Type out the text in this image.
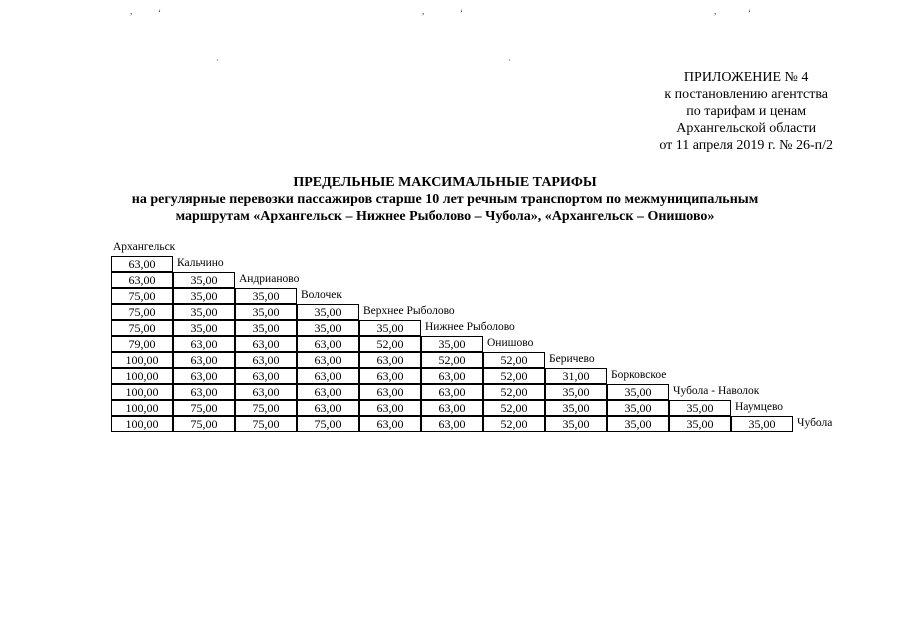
,	‘	,	‘	,	‘
`	`
ПРИЛОЖЕНИЕ № 4
к постановлению агентства
по тарифам и ценам
Архангельской области
от 11 апреля 2019 г. № 26-п/2
ПРЕДЕЛЬНЫЕ МАКСИМАЛЬНЫЕ ТАРИФЫ
на регулярные перевозки пассажиров старше 10 лет речным транспортом по межмуниципальным
маршрутам «Архангельск – Нижнее Рыболово – Чубола», «Архангельск – Онишово»
Архангельск
63,00	Кальчино
63,00	35,00	Андрианово
75,00	35,00	35,00	Волочек
75,00	35,00	35,00	35,00	Верхнее Рыболово
75,00	35,00	35,00	35,00	35,00	Нижнее Рыболово
79,00	63,00	63,00	63,00	52,00	35,00	Онишово
100,00	63,00	63,00	63,00	63,00	52,00	52,00	Беричево
100,00	63,00	63,00	63,00	63,00	63,00	52,00	31,00	Борковское
100,00	63,00	63,00	63,00	63,00	63,00	52,00	35,00	35,00	Чубола - Наволок
100,00	75,00	75,00	63,00	63,00	63,00	52,00	35,00	35,00	35,00	Наумцево
100,00	75,00	75,00	75,00	63,00	63,00	52,00	35,00	35,00	35,00	35,00	Чубола
